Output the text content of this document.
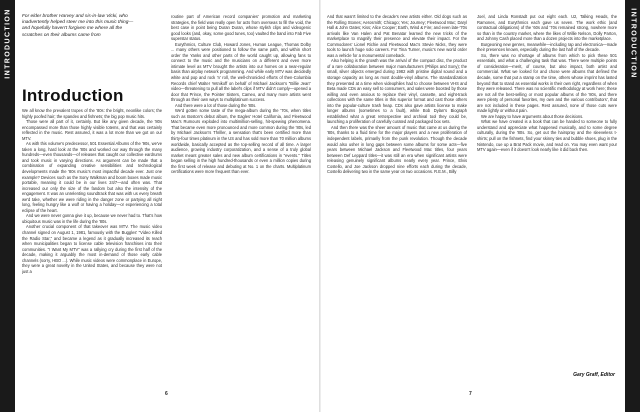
INTRODUCTION For elder brother Harvey and sis-in-law Vicki, who inadvertently helped steer me into this music thing—and hopefully haven't forgiven me where all the scratches on their albums came from
Introduction

We all know the prevalent tropes of the '80s: the bright, neonlike colors; the highly poofed hair; the spandex and fishnets; the big pop music hits.

Those were all part of it, certainly. But like any given decade, the '80s encompassed more than those highly visible totems, and that was certainly reflected in the music. Rest assured, it was a lot more than we got on our MTV.

As with this volume's predecessor, 501 Essential Albums of the '90s, we've taken a long, hard look at the '80s and worked our way through the many hundreds—even thousands—of releases that caught our collective eardrums and took music in varying directions. As argument can be made that a combination of expanding creative sensibilities and technological developments made the '80s music's most impactful decade ever. Just one example? Devices such as the Sony Walkman and boom boxes made music portable, meaning it could be in our lives 24/7—and often was. That increased our only the size of the fandom but also the intensity of the engagement. It was an unrelenting soundtrack that was with us every breath we'd take, whether we were riding in the danger zone or partying all night long, feeling hungry like a wolf or having a holiday—or experiencing a total eclipse of the heart.

And we were never gonna give it up, because we never had to. That's how ubiquitous music was in the life during the '80s.

Another crucial component of that takeover was MTV. The music video channel signed on August 1, 1981, famously with the Buggles' "Video Killed the Radio Star," and became a legend as it gradually increased its reach when municipalities began to license cable television franchises into their communities. "I Want My MTV" was a rallying cry during the first half of the decade, making it arguably the most in-demand of those early cable channels (sorry, HBO ...). While music videos were commonplace in Europe, they were a great novelty in the United States, and because they were not just a

routine part of American record companies' promotion and marketing strategies, the field was really open for acts from overseas to fill the void, the best case in point being Duran Duran, whose stylish clips and videogenic good looks (and, okay, some good tunes, too) vaulted the band into Fab Five superstar status.

Eurythmics, Culture Club, Howard Jones, Human League, Thomas Dolby ... many others were positioned to follow the same path, and within short order the Yanks and other parts of the world caught up, allowing fans to connect to the music and the musicians on a different and even more intimate level as MTV brought the artists into our homes on a near-regular basis than airplay network programming. And while early MTV was decidedly white and pop and rock 'n' roll, the well-chronicled efforts of then-Columbia Records chief Walter Yetnikoff on behalf of Michael Jackson's "Billie Jean" video—threatening to pull all the label's clips if MTV didn't comply—opened a door that Prince, the Pointer Sisters, Cameo, and many more artists went through as their own ways to multiplatinum success.

And there were a lot of those during the '80s.

We'd gotten some taste of the mega-album during the '70s, when titles such as Boston's debut album, the Eagles' Hotel California, and Fleetwood Mac's Rumours exploded into multimillion-selling, hit-spewing phenomena. That became even more pronounced and more common during the '80s, led by Michael Jackson's Thriller, a sensation that's been certified more than thirty-four times platinum in the US and has sold more than 70 million albums worldwide, basically accepted as the top-selling record of all time. A larger audience, growing industry corporatization, and a sense of a truly global market meant greater sales and new album certifications in "events." Titles began selling in the high hundred-thousands or even a million copies during the first week of release and debuting at No. 1 on the charts. Multiplatinum certifications were more frequent than ever.

6

And that wasn't limited to the decade's new artists either. Old dogs such as the Rolling Stones; Aerosmith; Chicago; Yes; Journey; Fleetwood Mac; Daryl Hall & John Oates; Kiss; Alice Cooper; Earth, Wind & Fire; and even late-'70s arrivals like Van Halen and Pat Benatar learned the new tricks of the marketplace to magnify their presence and elevate their impact. For the Commodores' Lionel Richie and Fleetwood Mac's Stevie Nicks, they were tools to launch huge solo careers. For Tina Turner, music's new world order was a vehicle for a monumental comeback.

Also helping is the growth was the arrival of the compact disc, the product of a rare collaboration between major manufacturers (Philips and Sony); the small, silver objects emerged during 1982 with pristine digital sound and a storage capacity as long as most double-vinyl albums. The standardization they presented at a time when videophiles had to choose between VHS and Beta made CDs an easy sell to consumers, and sales were boosted by those willing and even anxious to replace their vinyl, cassette, and eight-track collections with the same titles in this superior format and cast those others into the popular-culture trash heap. CDs also gave artists license to make longer albums (sometimes to a fault), while Bob Dylan's Biograph established what a great retrospective and archival tool they could be, launching a proliferation of carefully curated and packaged box sets.

And then there was the sheer amount of music that came at us during the '80s, thanks to a fluid time for the major players and a new proliferation of independent labels, primarily from the punk revolution. Though the decade would also usher in long gaps between some albums for some acts—five years between Michael Jackson and Fleetwood Mac titles, four years between Def Leppard titles—it was still an era when significant artists were releasing genuinely significant albums nearly every year. Prince, Elvis Costello, and Joe Jackson dropped nine efforts each during the decade, Costello delivering two in the same year on two occasions. R.E.M., Billy

Joel, and Linda Ronstadt put out eight each. U2, Talking Heads, the Ramones, and Eurythmics each gave us seven. The work ethic (and contractual obligations) of the '60s and '70s remained strong, nowhere more so than in the country market, where the likes of Willie Nelson, Dolly Parton, and Johnny Cash placed more than a dozen projects into the marketplace.

Burgeoning new genres, meanwhile—including rap and electronica—made their presences known, especially during the last half of the decade.

So, there was no shortage of albums from which to pick these 501 essentials, and what a challenging task that was. There were multiple points of consideration—merit, of course, but also impact, both artist and commercial. What we looked for and chose were albums that defined the decade, some that put a stamp on the time, others whose imprint has lasted beyond that to stand as essential works in their own right, regardless of when they were released. There was no scientific methodology at work here; these are not all the best-selling or most popular albums of the '80s, and there were plenty of personal favorites, my own and the various contributors', that are not included in these pages. Rest assured, none of those cuts were made lightly or without pain.

We are happy to have arguments about those decisions.

What we have created is a book that can be handed to someone to fully understand and appreciate what happened musically, and to some degree culturally, during the '80s. So, get out the hairspray and the sleeveless t-shirts; pull on the fishnets, find your skinny ties and bubble shoes, plug in the Nintendo, cue up a Brat Pack movie, and read on. You may even want your MTV again—even if it doesn't look nearly like it did back then.

Gary Graff, Editor
7
INTRODUCTION
